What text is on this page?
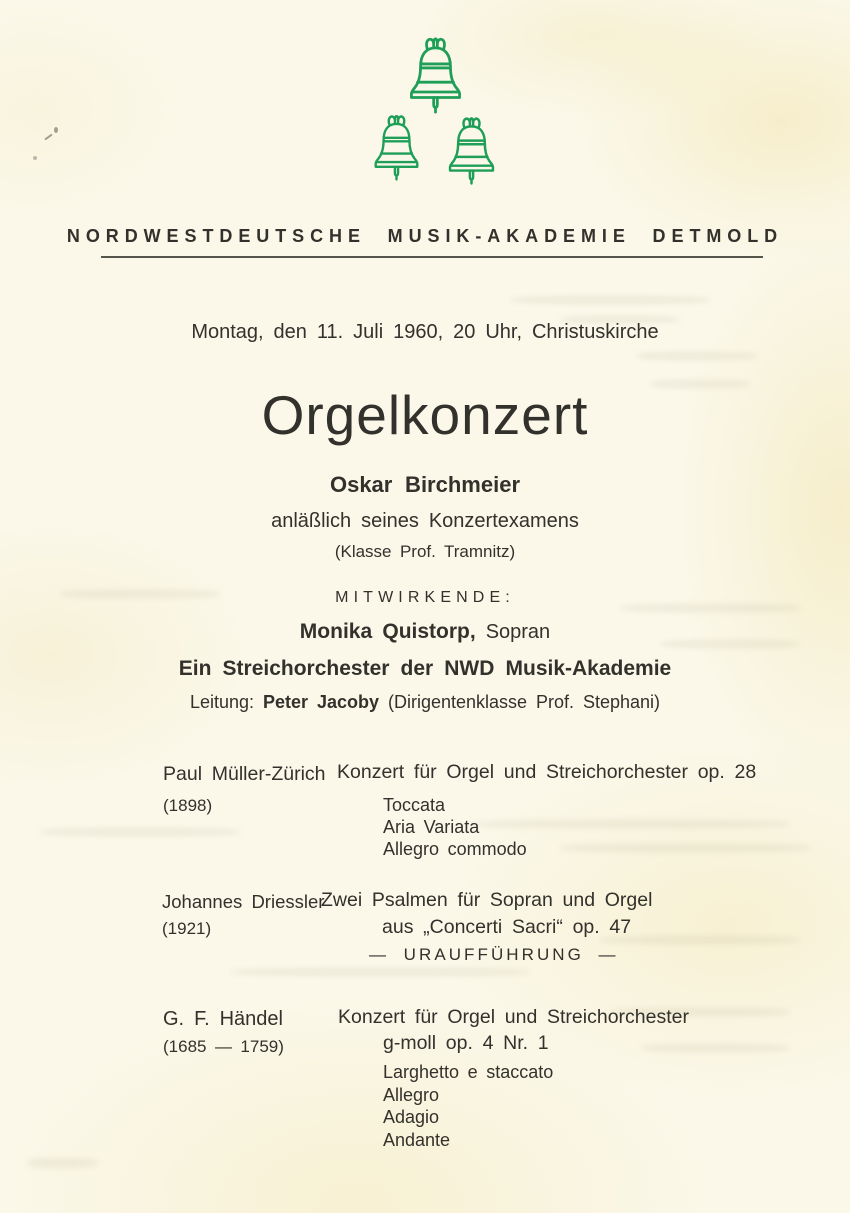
NORDWESTDEUTSCHE MUSIK-AKADEMIE DETMOLD
Montag, den 11. Juli 1960, 20 Uhr, Christuskirche
Orgelkonzert
Oskar Birchmeier
anläßlich seines Konzertexamens
(Klasse Prof. Tramnitz)
MITWIRKENDE:
Monika Quistorp, Sopran
Ein Streichorchester der NWD Musik-Akademie
Leitung: Peter Jacoby (Dirigentenklasse Prof. Stephani)
Paul Müller-Zürich
(1898)
Konzert für Orgel und Streichorchester op. 28
Toccata
Aria Variata
Allegro commodo
Johannes Driessler
(1921)
Zwei Psalmen für Sopran und Orgel
aus „Concerti Sacri“ op. 47
— URAUFFÜHRUNG —
G. F. Händel
(1685 — 1759)
Konzert für Orgel und Streichorchester
g-moll op. 4 Nr. 1
Larghetto e staccato
Allegro
Adagio
Andante
